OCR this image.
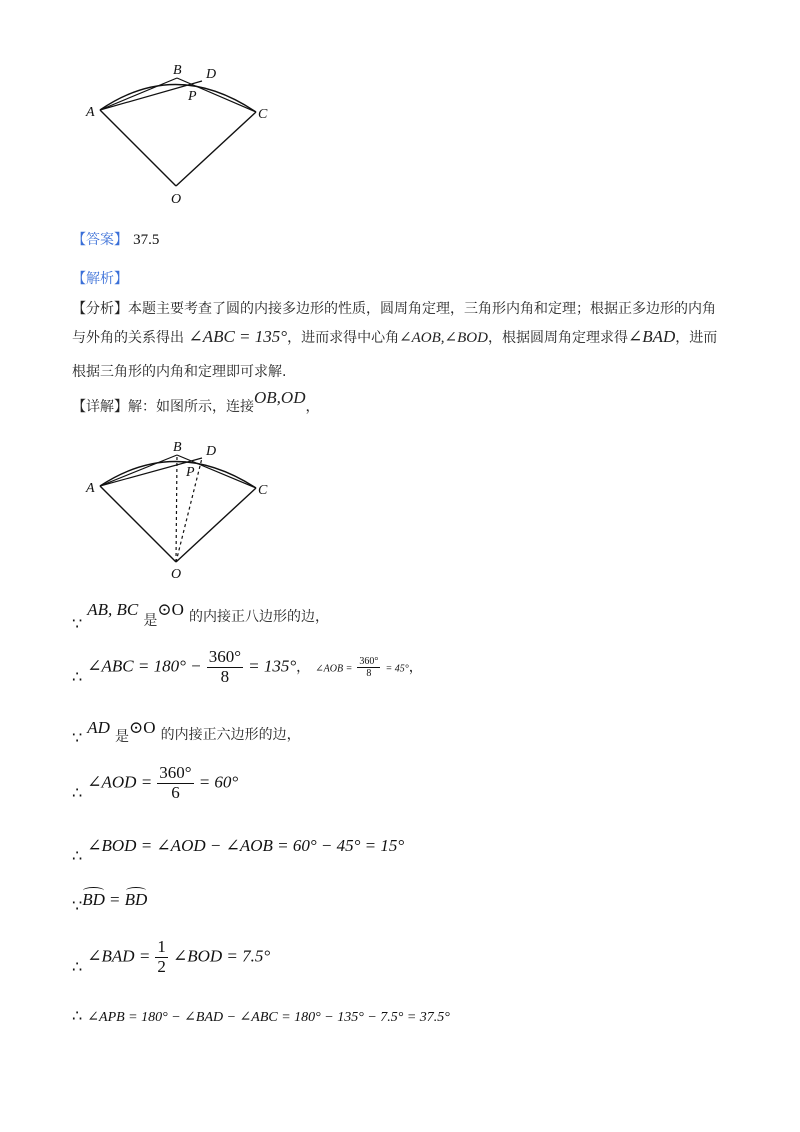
A
B D
P
C
O
【答案】 37.5
【解析】
【分析】本题主要考查了圆的内接多边形的性质，圆周角定理，三角形内角和定理；根据正多边形的内角
与外角的关系得出 ∠ABC = 135°，进而求得中心角∠AOB,∠BOD，根据圆周角定理求得∠BAD，进而
根据三角形的内角和定理即可求解.
【详解】解：如图所示，连接OB,OD，
A
B D
P
C
O
∵ AB, BC 是⊙O 的内接正八边形的边，
∴ ∠ABC = $180^\circ - \frac{360^\circ}{8} = 135^\circ$， ∠AOB = $\frac{360^\circ}{8} = 45^\circ$，
∵ AD 是⊙O 的内接正六边形的边，
∴ ∠AOD = $\frac{360^\circ}{6} = 60^\circ$
∴ ∠BOD = ∠AOD − ∠AOB = 60° − 45° = 15°
∵BD = BD
∴ ∠BAD = $\frac{1}{2}$ ∠BOD = 7.5°
∴ ∠APB = 180° − ∠BAD − ∠ABC = 180° − 135° − 7.5° = 37.5°
